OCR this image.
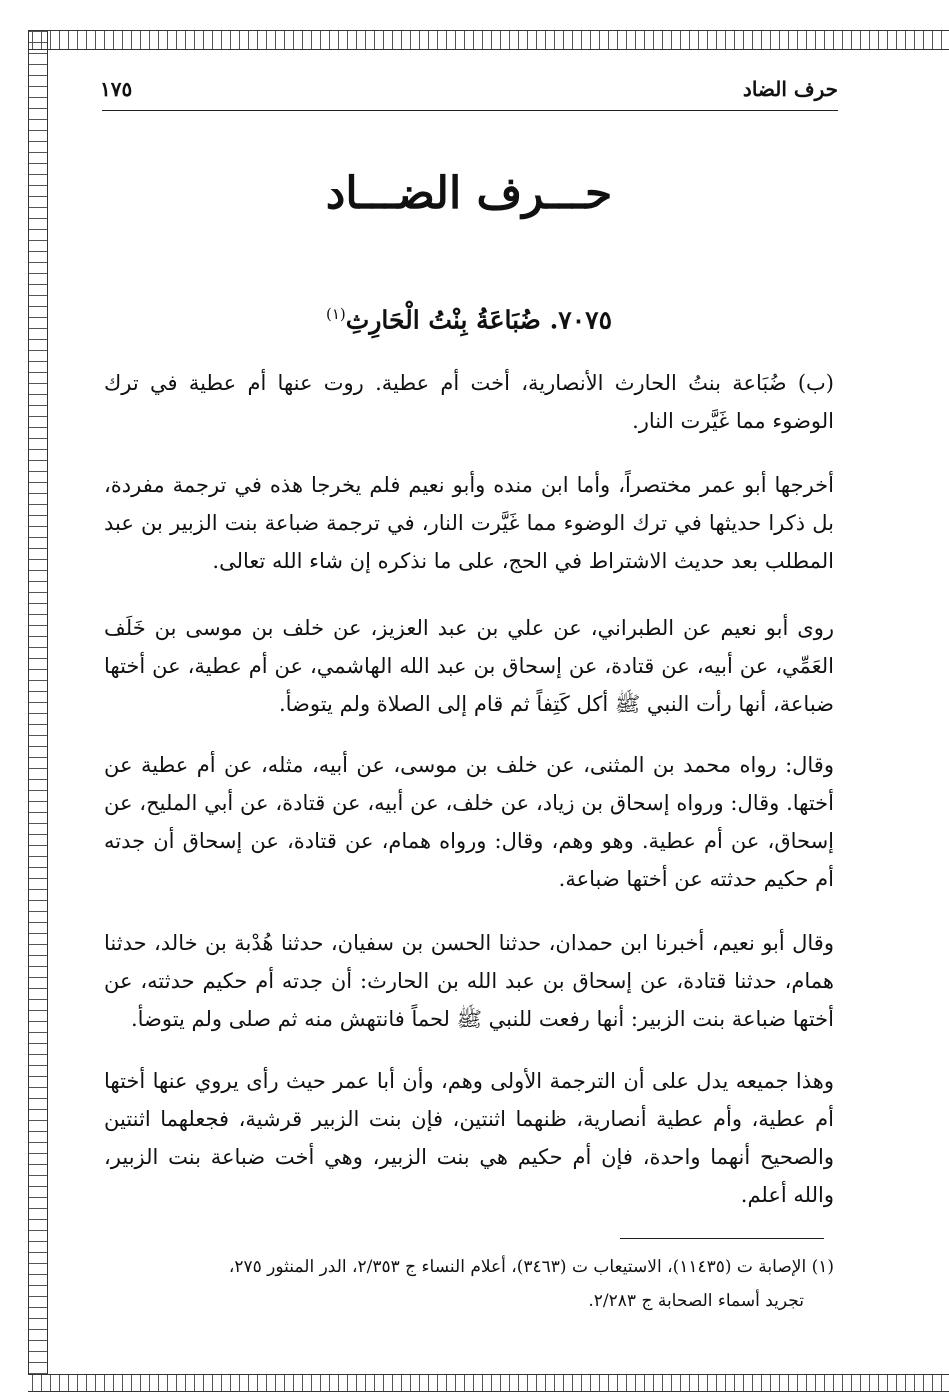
حرف الضاد
١٧٥
حـــرف الضـــاد
٧٠٧٥. ضُبَاعَةُ بِنْتُ الْحَارِثِ$^{(١)}$
(ب) ضُبَاعة بنتُ الحارث الأنصارية، أخت أم عطية. روت عنها أم عطية في ترك الوضوء مما غَيَّرت النار.
أخرجها أبو عمر مختصراً، وأما ابن منده وأبو نعيم فلم يخرجا هذه في ترجمة مفردة، بل ذكرا حديثها في ترك الوضوء مما غَيَّرت النار، في ترجمة ضباعة بنت الزبير بن عبد المطلب بعد حديث الاشتراط في الحج، على ما نذكره إن شاء الله تعالى.
روى أبو نعيم عن الطبراني، عن علي بن عبد العزيز، عن خلف بن موسى بن خَلَف العَمِّي، عن أبيه، عن قتادة، عن إسحاق بن عبد الله الهاشمي، عن أم عطية، عن أختها ضباعة، أنها رأت النبي ﷺ أكل كَتِفاً ثم قام إلى الصلاة ولم يتوضأ.
وقال: رواه محمد بن المثنى، عن خلف بن موسى، عن أبيه، مثله، عن أم عطية عن أختها. وقال: ورواه إسحاق بن زياد، عن خلف، عن أبيه، عن قتادة، عن أبي المليح، عن إسحاق، عن أم عطية. وهو وهم، وقال: ورواه همام، عن قتادة، عن إسحاق أن جدته أم حكيم حدثته عن أختها ضباعة.
وقال أبو نعيم، أخبرنا ابن حمدان، حدثنا الحسن بن سفيان، حدثنا هُدْبة بن خالد، حدثنا همام، حدثنا قتادة، عن إسحاق بن عبد الله بن الحارث: أن جدته أم حكيم حدثته، عن أختها ضباعة بنت الزبير: أنها رفعت للنبي ﷺ لحماً فانتهش منه ثم صلى ولم يتوضأ.
وهذا جميعه يدل على أن الترجمة الأولى وهم، وأن أبا عمر حيث رأى يروي عنها أختها أم عطية، وأم عطية أنصارية، ظنهما اثنتين، فإن بنت الزبير قرشية، فجعلهما اثنتين والصحيح أنهما واحدة، فإن أم حكيم هي بنت الزبير، وهي أخت ضباعة بنت الزبير، والله أعلم.
(١) الإصابة ت (١١٤٣٥)، الاستيعاب ت (٣٤٦٣)، أعلام النساء ج ٢/٣٥٣، الدر المنثور ٢٧٥،
تجريد أسماء الصحابة ج ٢/٢٨٣.
